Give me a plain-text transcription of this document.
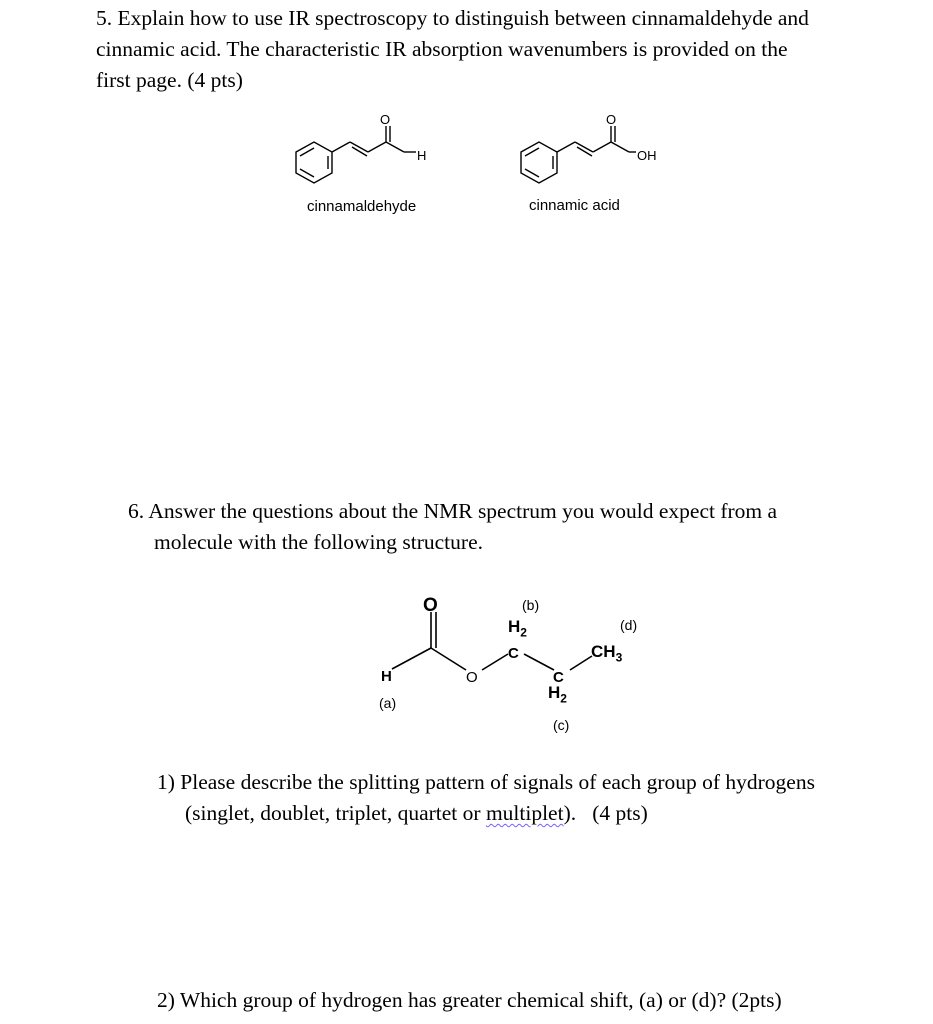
5. Explain how to use IR spectroscopy to distinguish between cinnamaldehyde and

cinnamic acid. The characteristic IR absorption wavenumbers is provided on the

first page. (4 pts)

O
H
O
OH
O
H	O
C
C
cinnamaldehyde	cinnamic acid

6. Answer the questions about the NMR spectrum you would expect from a

molecule with the following structure.

(b)
$H_2$
$H_2$
(c)
(d)
$CH_3$
(a)

1) Please describe the splitting pattern of signals of each group of hydrogens

(singlet, doublet, triplet, quartet or multiplet).   (4 pts)

2) Which group of hydrogen has greater chemical shift, (a) or (d)? (2pts)
